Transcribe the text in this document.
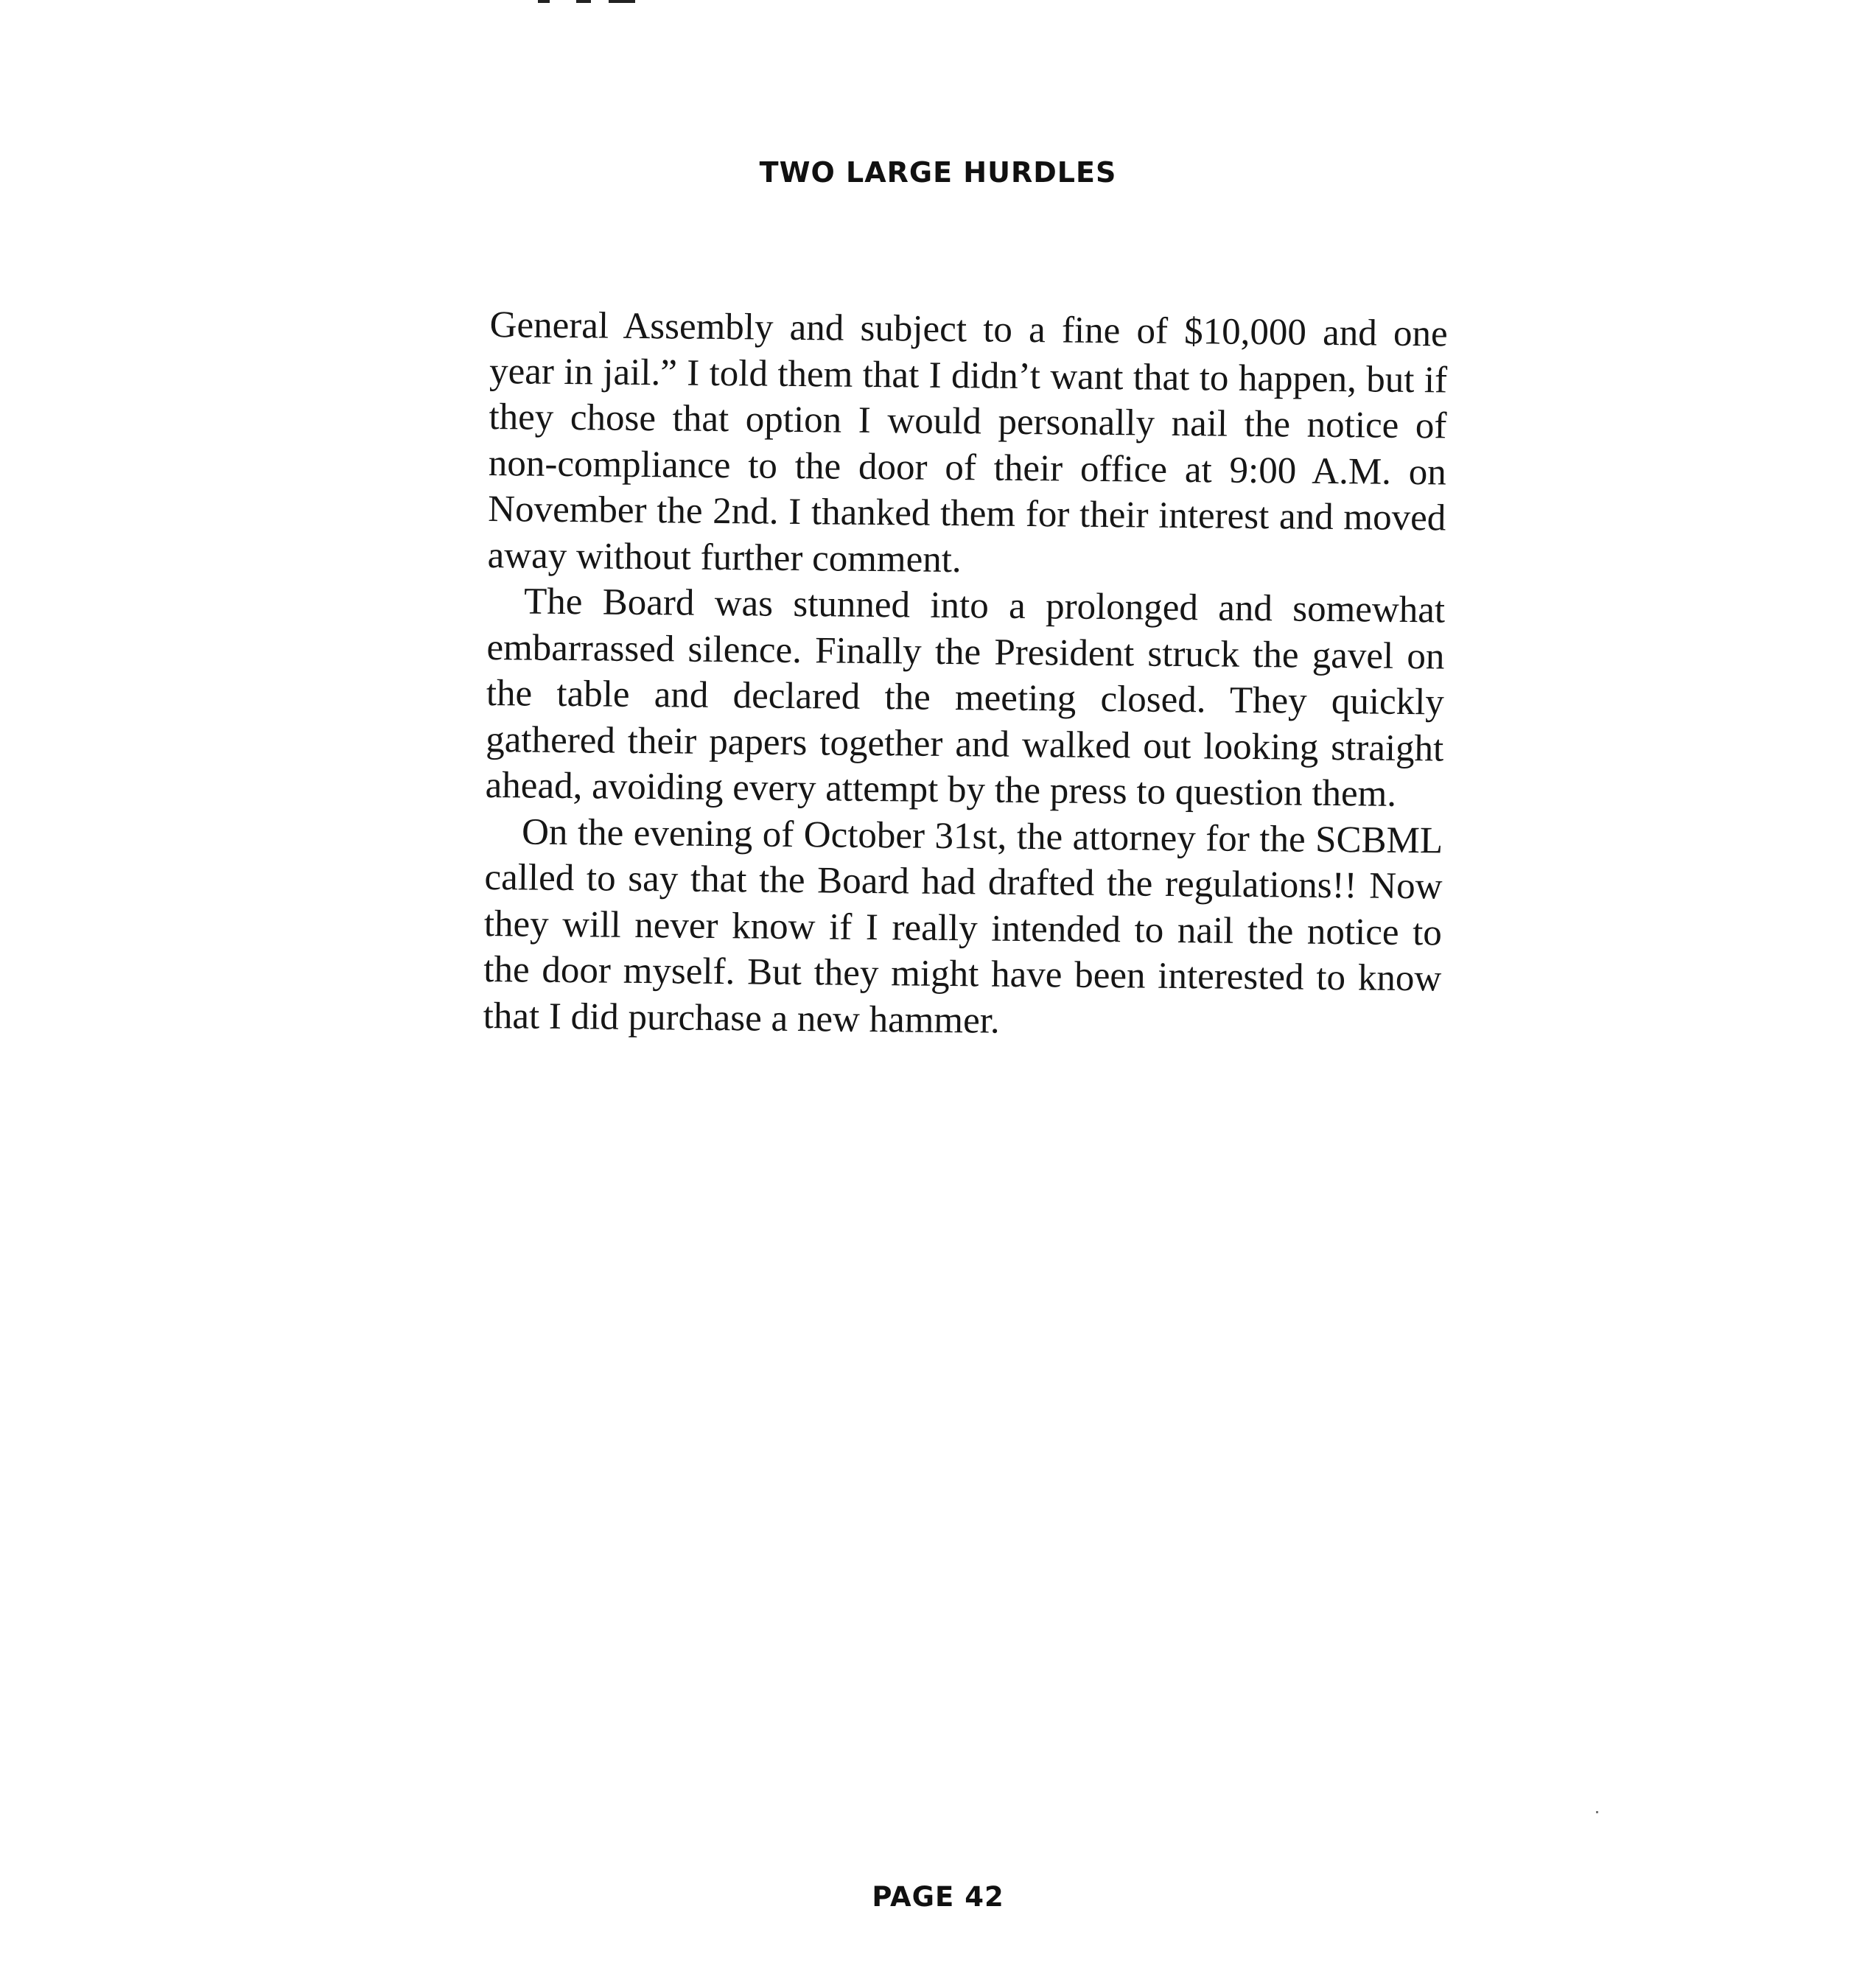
TWO LARGE HURDLES

General Assembly and subject to a fine of $10,000 and one year in jail.” I told them that I didn’t want that to happen, but if they chose that option I would personally nail the notice of non-compliance to the door of their office at 9:00 A.M. on November the 2nd. I thanked them for their interest and moved away without further comment.

The Board was stunned into a prolonged and somewhat embarrassed silence. Finally the President struck the gavel on the table and declared the meeting closed. They quickly gathered their papers together and walked out looking straight ahead, avoiding every attempt by the press to question them.

On the evening of October 31st, the attorney for the SCBML called to say that the Board had drafted the regulations!! Now they will never know if I really intended to nail the notice to the door myself. But they might have been interested to know that I did purchase a new hammer.

PAGE 42
